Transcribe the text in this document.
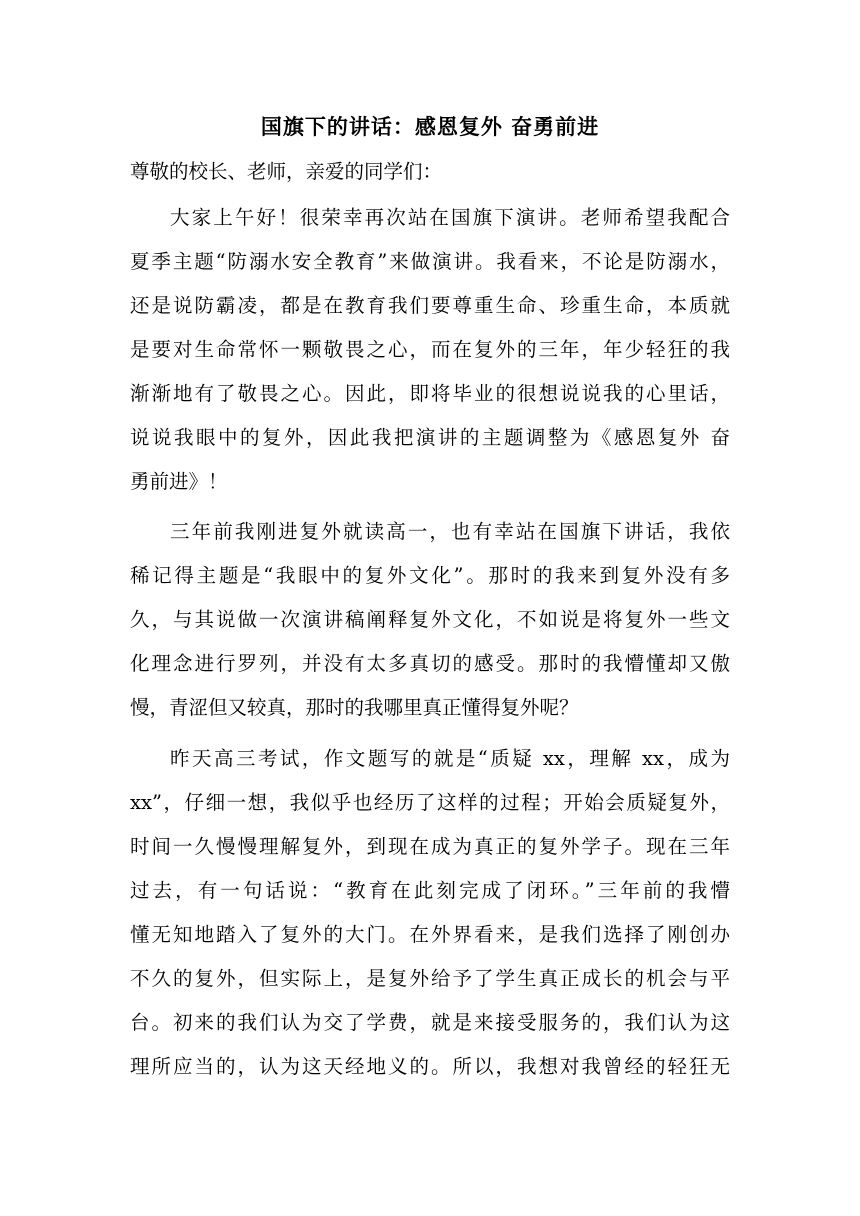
国旗下的讲话：感恩复外 奋勇前进
尊敬的校长、老师，亲爱的同学们：
大家上午好！很荣幸再次站在国旗下演讲。老师希望我配合
夏季主题“防溺水安全教育”来做演讲。我看来，不论是防溺水，
还是说防霸凌，都是在教育我们要尊重生命、珍重生命，本质就
是要对生命常怀一颗敬畏之心，而在复外的三年，年少轻狂的我
渐渐地有了敬畏之心。因此，即将毕业的很想说说我的心里话，
说说我眼中的复外，因此我把演讲的主题调整为《感恩复外 奋
勇前进》！
三年前我刚进复外就读高一，也有幸站在国旗下讲话，我依
稀记得主题是“我眼中的复外文化”。那时的我来到复外没有多
久，与其说做一次演讲稿阐释复外文化，不如说是将复外一些文
化理念进行罗列，并没有太多真切的感受。那时的我懵懂却又傲
慢，青涩但又较真，那时的我哪里真正懂得复外呢？
昨天高三考试，作文题写的就是“质疑 xx，理解 xx，成为
xx”，仔细一想，我似乎也经历了这样的过程；开始会质疑复外，
时间一久慢慢理解复外，到现在成为真正的复外学子。现在三年
过去，有一句话说：“教育在此刻完成了闭环。”三年前的我懵
懂无知地踏入了复外的大门。在外界看来，是我们选择了刚创办
不久的复外，但实际上，是复外给予了学生真正成长的机会与平
台。初来的我们认为交了学费，就是来接受服务的，我们认为这
理所应当的，认为这天经地义的。所以，我想对我曾经的轻狂无
